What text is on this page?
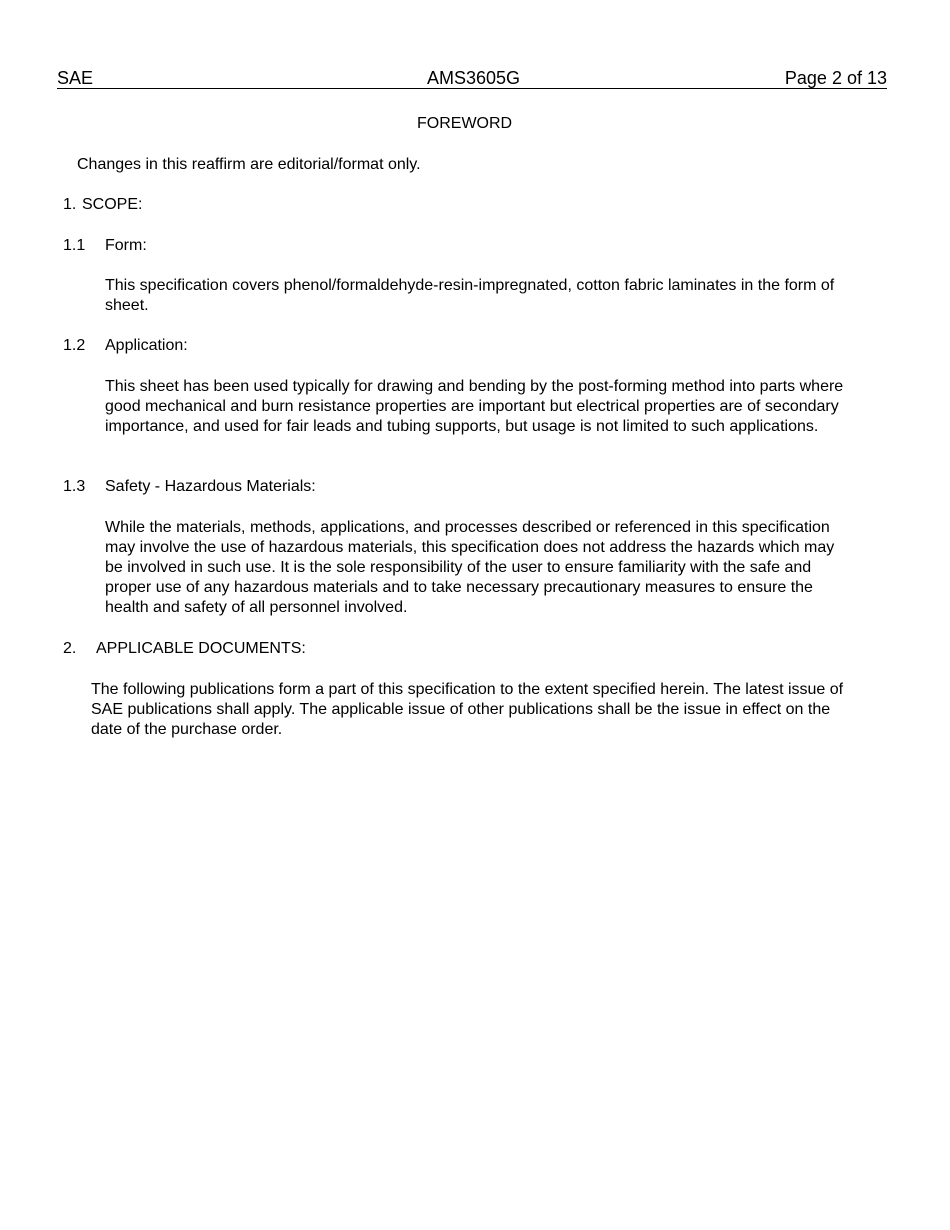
SAE	AMS3605G	Page 2 of 13
FOREWORD
Changes in this reaffirm are editorial/format only.
1. SCOPE:
1.1 Form:
This specification covers phenol/formaldehyde-resin-impregnated, cotton fabric laminates in the form of sheet.
1.2 Application:
This sheet has been used typically for drawing and bending by the post-forming method into parts where good mechanical and burn resistance properties are important but electrical properties are of secondary importance, and used for fair leads and tubing supports, but usage is not limited to such applications.
1.3 Safety - Hazardous Materials:
While the materials, methods, applications, and processes described or referenced in this specification may involve the use of hazardous materials, this specification does not address the hazards which may be involved in such use. It is the sole responsibility of the user to ensure familiarity with the safe and proper use of any hazardous materials and to take necessary precautionary measures to ensure the health and safety of all personnel involved.
2. APPLICABLE DOCUMENTS:
The following publications form a part of this specification to the extent specified herein. The latest issue of SAE publications shall apply. The applicable issue of other publications shall be the issue in effect on the date of the purchase order.
